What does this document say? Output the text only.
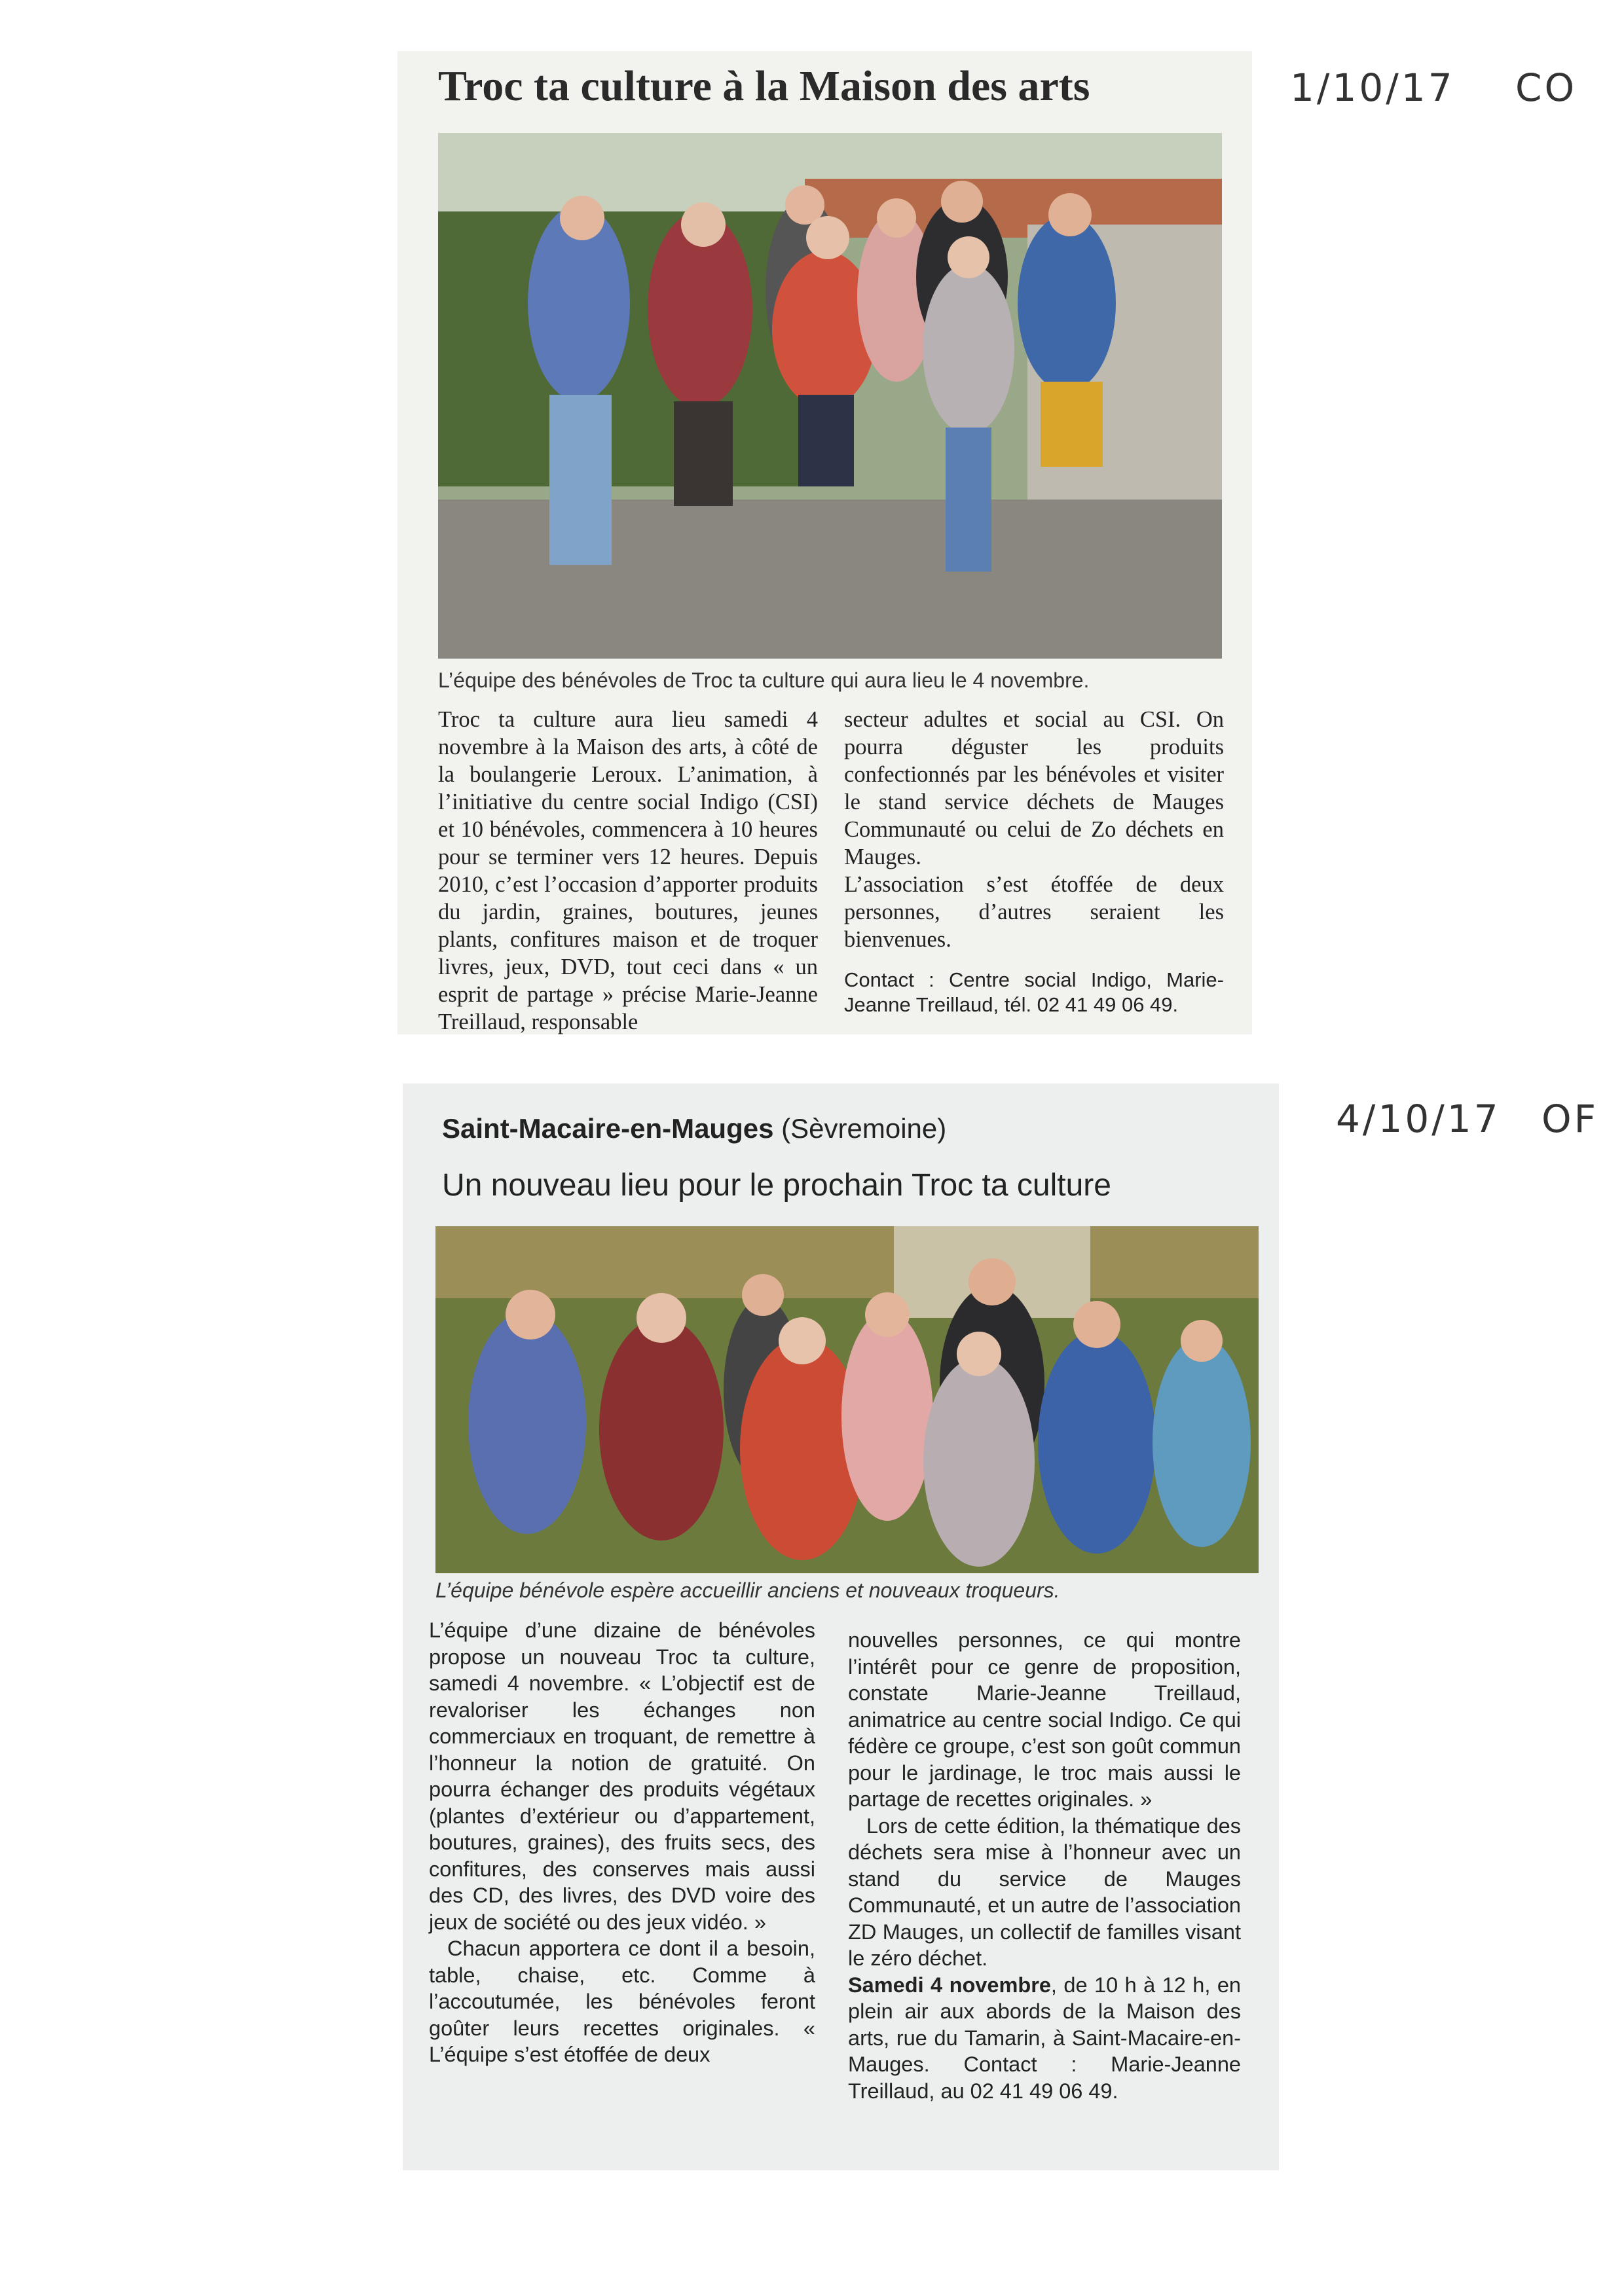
1/10/17 CO
4/10/17 OF
Troc ta culture à la Maison des arts
L’équipe des bénévoles de Troc ta culture qui aura lieu le 4 novembre.

Troc ta culture aura lieu samedi 4 novembre à la Maison des arts, à côté de la boulangerie Leroux. L’animation, à l’initiative du centre social Indigo (CSI) et 10 bénévoles, commencera à 10 heures pour se terminer vers 12 heures. Depuis 2010, c’est l’occasion d’apporter produits du jardin, graines, boutures, jeunes plants, confitures maison et de troquer livres, jeux, DVD, tout ceci dans « un esprit de partage » précise Marie-Jeanne Treillaud, responsable

secteur adultes et social au CSI. On pourra déguster les produits confectionnés par les bénévoles et visiter le stand service déchets de Mauges Communauté ou celui de Zo déchets en Mauges.

L’association s’est étoffée de deux personnes, d’autres seraient les bienvenues.

Contact : Centre social Indigo, Marie-Jeanne Treillaud, tél. 02 41 49 06 49.
Saint-Macaire-en-Mauges (Sèvremoine)
Un nouveau lieu pour le prochain Troc ta culture
L’équipe bénévole espère accueillir anciens et nouveaux troqueurs.

L’équipe d’une dizaine de bénévoles propose un nouveau Troc ta culture, samedi 4 novembre. « L’objectif est de revaloriser les échanges non commerciaux en troquant, de remettre à l’honneur la notion de gratuité. On pourra échanger des produits végétaux (plantes d’extérieur ou d’appartement, boutures, graines), des fruits secs, des confitures, des conserves mais aussi des CD, des livres, des DVD voire des jeux de société ou des jeux vidéo. »

Chacun apportera ce dont il a besoin, table, chaise, etc. Comme à l’accoutumée, les bénévoles feront goûter leurs recettes originales. « L’équipe s’est étoffée de deux

nouvelles personnes, ce qui montre l’intérêt pour ce genre de proposition, constate Marie-Jeanne Treillaud, animatrice au centre social Indigo. Ce qui fédère ce groupe, c’est son goût commun pour le jardinage, le troc mais aussi le partage de recettes originales. »

Lors de cette édition, la thématique des déchets sera mise à l’honneur avec un stand du service de Mauges Communauté, et un autre de l’association ZD Mauges, un collectif de familles visant le zéro déchet.

Samedi 4 novembre, de 10 h à 12 h, en plein air aux abords de la Maison des arts, rue du Tamarin, à Saint-Macaire-en-Mauges. Contact : Marie-Jeanne Treillaud, au 02 41 49 06 49.
